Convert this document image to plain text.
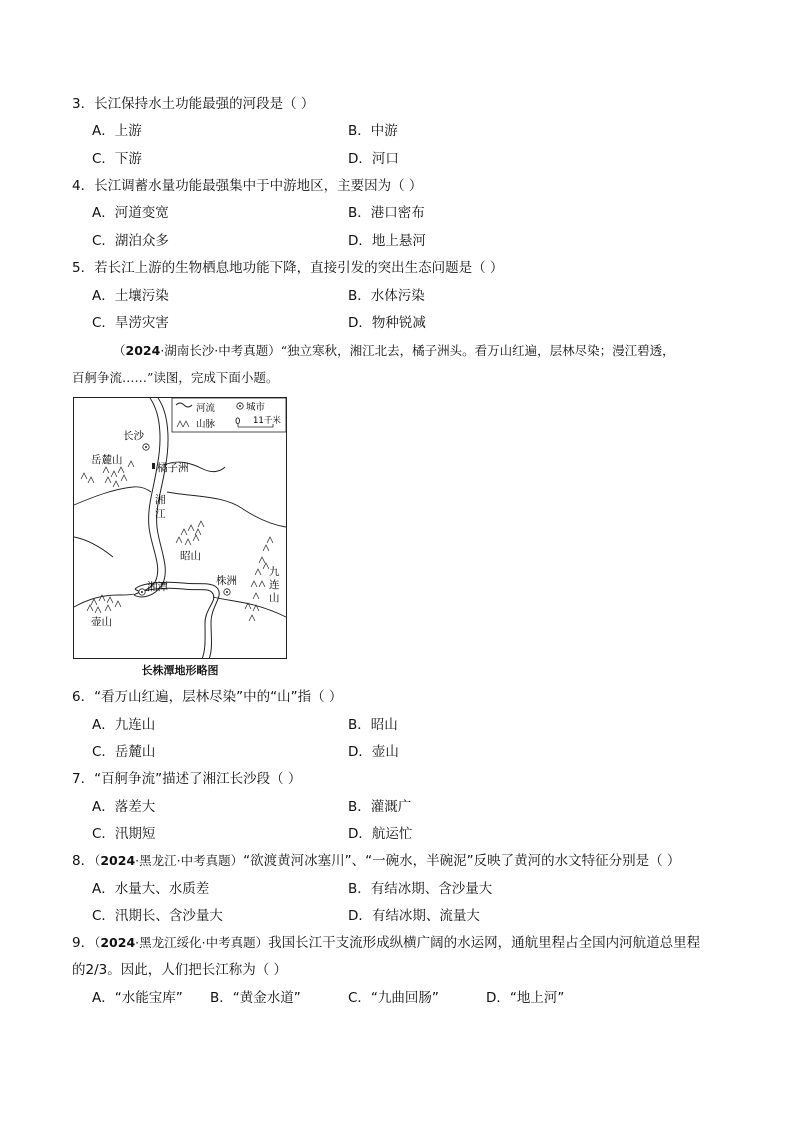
3．长江保持水土功能最强的河段是（ ）
A．上游	B．中游
C．下游	D．河口
4．长江调蓄水量功能最强集中于中游地区，主要因为（ ）
A．河道变宽	B．港口密布
C．湖泊众多	D．地上悬河
5．若长江上游的生物栖息地功能下降，直接引发的突出生态问题是（ ）
A．土壤污染	B．水体污染
C．旱涝灾害	D．物种锐减
（2024·湖南长沙·中考真题）“独立寒秋，湘江北去，橘子洲头。看万山红遍，层林尽染；漫江碧透，
百舸争流……”读图，完成下面小题。
河流
山脉
城市
0 11千米
长沙
岳麓山
橘子洲
湘
江
昭山
湘潭	株洲
九
连
山
壶山
长株潭地形略图
6．“看万山红遍，层林尽染”中的“山”指（ ）
A．九连山	B．昭山
C．岳麓山	D．壶山
7．“百舸争流”描述了湘江长沙段（ ）
A．落差大	B．灌溉广
C．汛期短	D．航运忙
8．（2024·黑龙江·中考真题）“欲渡黄河冰塞川”、“一碗水，半碗泥”反映了黄河的水文特征分别是（ ）
A．水量大、水质差	B．有结冰期、含沙量大
C．汛期长、含沙量大	D．有结冰期、流量大
9．（2024·黑龙江绥化·中考真题）我国长江干支流形成纵横广阔的水运网，通航里程占全国内河航道总里程
的2/3。因此，人们把长江称为（ ）
A．“水能宝库” B．“黄金水道”	C．“九曲回肠”	D．“地上河”
